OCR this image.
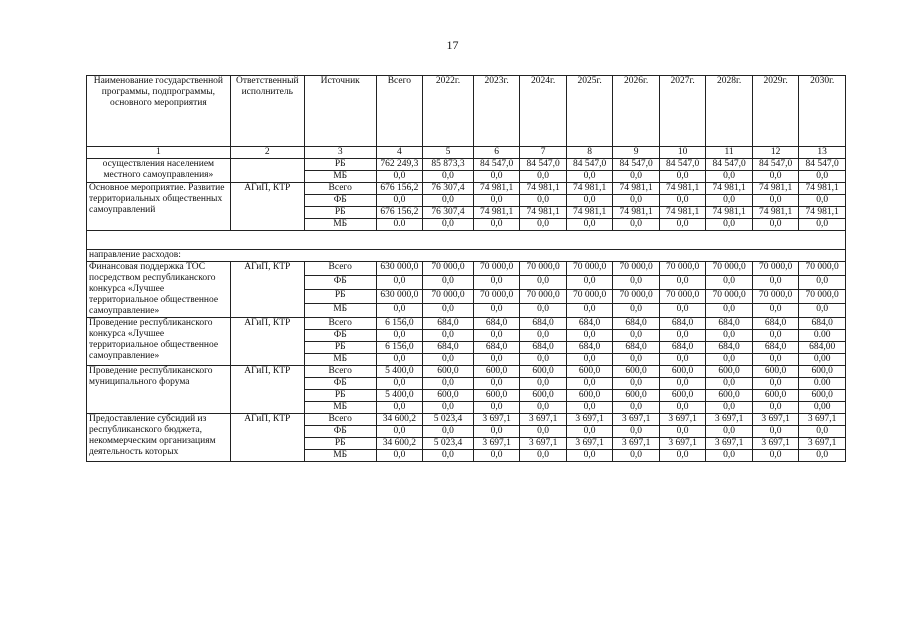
17
Наименование государственной программы, подпрограммы, основного мероприятия	Ответственный исполнитель	Источник	Всего	2022г.	2023г.	2024г.	2025г.	2026г.	2027г.	2028г.	2029г.	2030г.
1	2	3	4	5	6	7	8	9	10	11	12	13
осуществления населением местного самоуправления»		РБ	762 249,3	85 873,3	84 547,0	84 547,0	84 547,0	84 547,0	84 547,0	84 547,0	84 547,0	84 547,0
		МБ	0,0	0,0	0,0	0,0	0,0	0,0	0,0	0,0	0,0	0,0
Основное мероприятие. Развитие территориальных общественных самоуправлений	АГиП, КТР	Всего	676 156,2	76 307,4	74 981,1	74 981,1	74 981,1	74 981,1	74 981,1	74 981,1	74 981,1	74 981,1
		ФБ	0,0	0,0	0,0	0,0	0,0	0,0	0,0	0,0	0,0	0,0
		РБ	676 156,2	76 307,4	74 981,1	74 981,1	74 981,1	74 981,1	74 981,1	74 981,1	74 981,1	74 981,1
		МБ	0.0	0,0	0,0	0,0	0,0	0,0	0,0	0,0	0,0	0,0

направление расходов:												
Финансовая поддержка ТОС посредством республиканского конкурса «Лучшее территориальное общественное самоуправление»	АГиП, КТР	Всего	630 000,0	70 000,0	70 000,0	70 000,0	70 000,0	70 000,0	70 000,0	70 000,0	70 000,0	70 000,0
		ФБ	0,0	0,0	0,0	0,0	0,0	0,0	0,0	0,0	0,0	0,0
		РБ	630 000,0	70 000,0	70 000,0	70 000,0	70 000,0	70 000,0	70 000,0	70 000,0	70 000,0	70 000,0
		МБ	0,0	0,0	0,0	0,0	0,0	0,0	0,0	0,0	0,0	0,0
Проведение республиканского конкурса «Лучшее территориальное общественное самоуправление»	АГиП, КТР	Всего	6 156,0	684,0	684,0	684,0	684,0	684,0	684,0	684,0	684,0	684,0
		ФБ	0,0	0,0	0,0	0,0	0,0	0,0	0,0	0,0	0,0	0.00
		РБ	6 156,0	684,0	684,0	684,0	684,0	684,0	684,0	684,0	684,0	684,00
		МБ	0,0	0,0	0,0	0,0	0,0	0,0	0,0	0,0	0,0	0,00
Проведение республиканского муниципального форума	АГиП, КТР	Всего	5 400,0	600,0	600,0	600,0	600,0	600,0	600,0	600,0	600,0	600,0
		ФБ	0,0	0,0	0,0	0,0	0,0	0,0	0,0	0,0	0,0	0.00
		РБ	5 400,0	600,0	600,0	600,0	600,0	600,0	600,0	600,0	600,0	600,0
		МБ	0,0	0,0	0,0	0,0	0,0	0,0	0,0	0,0	0,0	0,00
Предоставление субсидий из республиканского бюджета, некоммерческим организациям деятельность которых	АГиП, КТР	Всего	34 600,2	5 023,4	3 697,1	3 697,1	3 697,1	3 697,1	3 697,1	3 697,1	3 697,1	3 697,1
		ФБ	0,0	0,0	0,0	0,0	0,0	0,0	0,0	0,0	0,0	0,0
		РБ	34 600,2	5 023,4	3 697,1	3 697,1	3 697,1	3 697,1	3 697,1	3 697,1	3 697,1	3 697,1
		МБ	0,0	0,0	0,0	0,0	0,0	0,0	0,0	0,0	0,0	0,0
